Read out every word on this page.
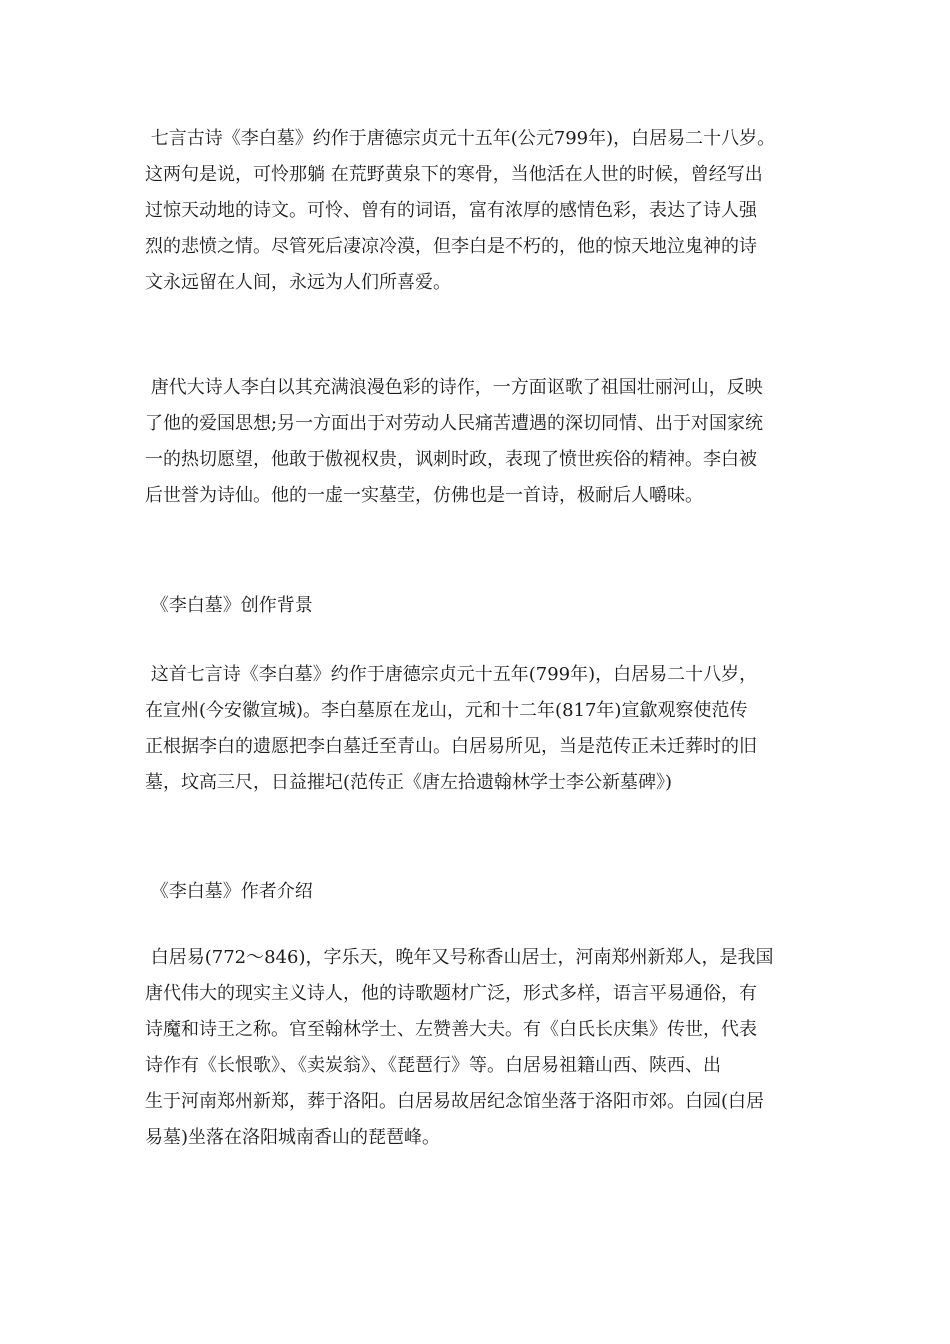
七言古诗《李白墓》约作于唐德宗贞元十五年(公元799年)，白居易二十八岁。
这两句是说，可怜那躺 在荒野黄泉下的寒骨，当他活在人世的时候，曾经写出
过惊天动地的诗文。可怜、曾有的词语，富有浓厚的感情色彩，表达了诗人强
烈的悲愤之情。尽管死后凄凉冷漠，但李白是不朽的，他的惊天地泣鬼神的诗
文永远留在人间，永远为人们所喜爱。

唐代大诗人李白以其充满浪漫色彩的诗作，一方面讴歌了祖国壮丽河山，反映
了他的爱国思想;另一方面出于对劳动人民痛苦遭遇的深切同情、出于对国家统
一的热切愿望，他敢于傲视权贵，讽刺时政，表现了愤世疾俗的精神。李白被
后世誉为诗仙。他的一虚一实墓茔，仿佛也是一首诗，极耐后人嚼味。

《李白墓》创作背景

这首七言诗《李白墓》约作于唐德宗贞元十五年(799年)，白居易二十八岁，
在宣州(今安徽宣城)。李白墓原在龙山，元和十二年(817年)宣歙观察使范传
正根据李白的遗愿把李白墓迁至青山。白居易所见，当是范传正未迁葬时的旧
墓，坟高三尺，日益摧圮(范传正《唐左拾遗翰林学士李公新墓碑》)

《李白墓》作者介绍

白居易(772～846)，字乐天，晚年又号称香山居士，河南郑州新郑人，是我国
唐代伟大的现实主义诗人，他的诗歌题材广泛，形式多样，语言平易通俗，有
诗魔和诗王之称。官至翰林学士、左赞善大夫。有《白氏长庆集》传世，代表
诗作有《长恨歌》、《卖炭翁》、《琵琶行》等。白居易祖籍山西、陕西、出
生于河南郑州新郑，葬于洛阳。白居易故居纪念馆坐落于洛阳市郊。白园(白居
易墓)坐落在洛阳城南香山的琵琶峰。
